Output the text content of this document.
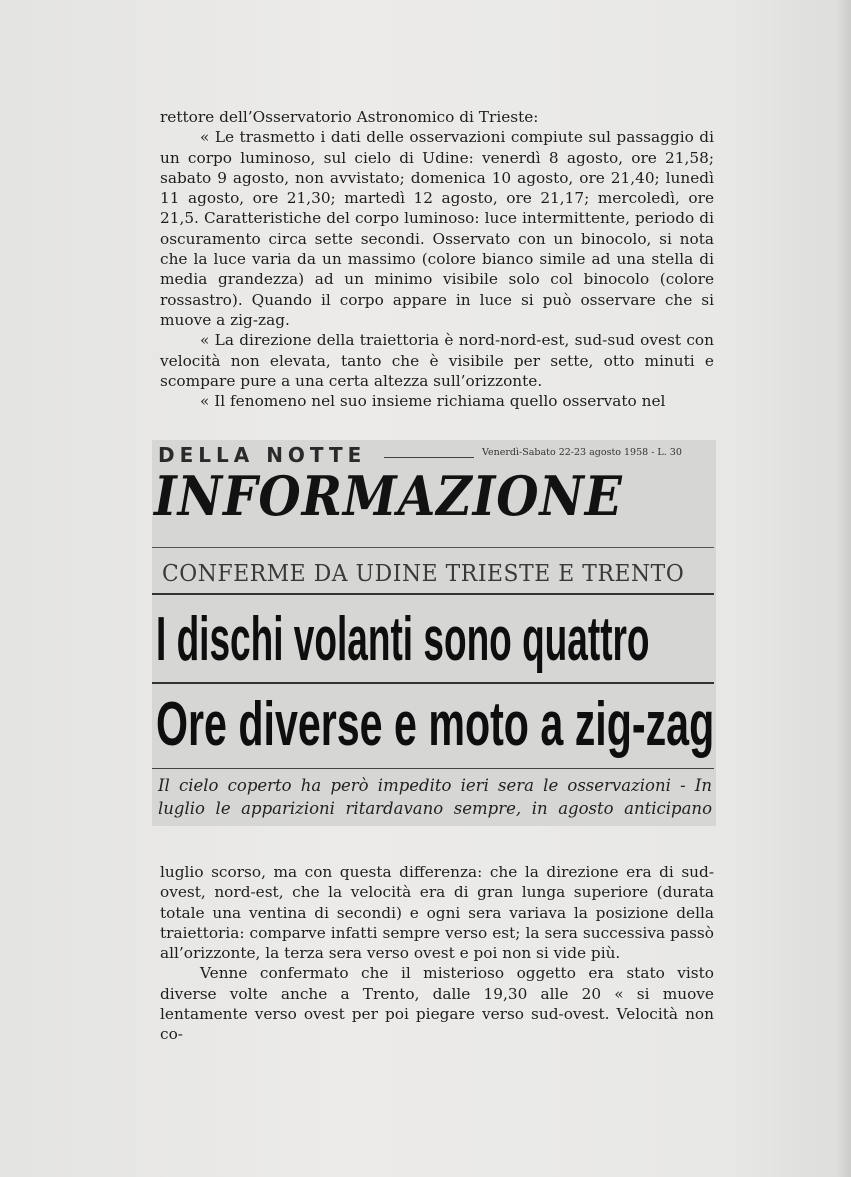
rettore dell’Osservatorio Astronomico di Trieste:

« Le trasmetto i dati delle osservazioni compiute sul passaggio di un corpo luminoso, sul cielo di Udine: venerdì 8 agosto, ore 21,58; sabato 9 agosto, non avvistato; domenica 10 agosto, ore 21,40; lunedì 11 agosto, ore 21,30; martedì 12 agosto, ore 21,17; mercoledì, ore 21,5. Caratteristiche del corpo luminoso: luce intermittente, periodo di oscuramento circa sette secondi. Osservato con un binocolo, si nota che la luce varia da un massimo (colore bianco simile ad una stella di media grandezza) ad un minimo visibile solo col binocolo (colore rossastro). Quando il corpo appare in luce si può osservare che si muove a zig-zag.

« La direzione della traiettoria è nord-nord-est, sud-sud ovest con velocità non elevata, tanto che è visibile per sette, otto minuti e scompare pure a una certa altezza sull’orizzonte.

« Il fenomeno nel suo insieme richiama quello osservato nel

DELLA NOTTE	Venerdì-Sabato 22-23 agosto 1958 - L. 30
INFORMAZIONE
CONFERME DA UDINE TRIESTE E TRENTO
I dischi volanti sono quattro
Ore diverse e moto a zig-zag
Il cielo coperto ha però impedito ieri sera le osservazioni - In luglio le apparizioni ritardavano sempre, in agosto anticipano

luglio scorso, ma con questa differenza: che la direzione era di sud-ovest, nord-est, che la velocità era di gran lunga superiore (durata totale una ventina di secondi) e ogni sera variava la posizione della traiettoria: comparve infatti sempre verso est; la sera successiva passò all’orizzonte, la terza sera verso ovest e poi non si vide più.

Venne confermato che il misterioso oggetto era stato visto diverse volte anche a Trento, dalle 19,30 alle 20 « si muove lentamente verso ovest per poi piegare verso sud-ovest. Velocità non co-
